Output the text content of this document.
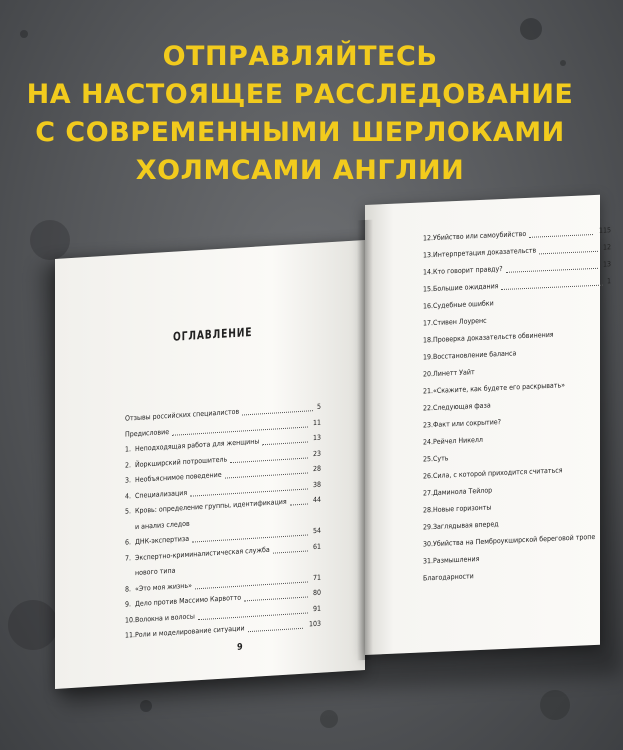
ОТПРАВЛЯЙТЕСЬ
НА НАСТОЯЩЕЕ РАССЛЕДОВАНИЕ
С СОВРЕМЕННЫМИ ШЕРЛОКАМИ
ХОЛМСАМИ АНГЛИИ
ОГЛАВЛЕНИЕ
Отзывы российских специалистов
5
Предисловие
11
1. Неподходящая работа для женщины	13
2. Йоркширский потрошитель
23
3. Необъяснимое поведение
28
4. Специализация
38
5. Кровь: определение группы, идентификация	44
и анализ следов
6. ДНК-экспертиза
54
7. Экспертно-криминалистическая служба	61
нового типа
8. «Это моя жизнь»
71
9. Дело против Массимо Карвотто
80
10. Волокна и волосы
91
11. Роли и моделирование ситуации
103
9
12. Убийство или самоубийство	115
13. Интерпретация доказательств	12
14. Кто говорит правду?
13
15. Большие ожидания
1
16. Судебные ошибки
17. Стивен Лоуренс
18. Проверка доказательств обвинения
19. Восстановление баланса
20. Линетт Уайт
21. «Скажите, как будете его раскрывать»
22. Следующая фаза
23. Факт или сокрытие?
24. Рейчел Никелл
25. Суть
26. Сила, с которой приходится считаться
27. Даминола Тейлор
28. Новые горизонты
29. Заглядывая вперед
30. Убийства на Пемброукширской береговой тропе
31. Размышления
Благодарности
